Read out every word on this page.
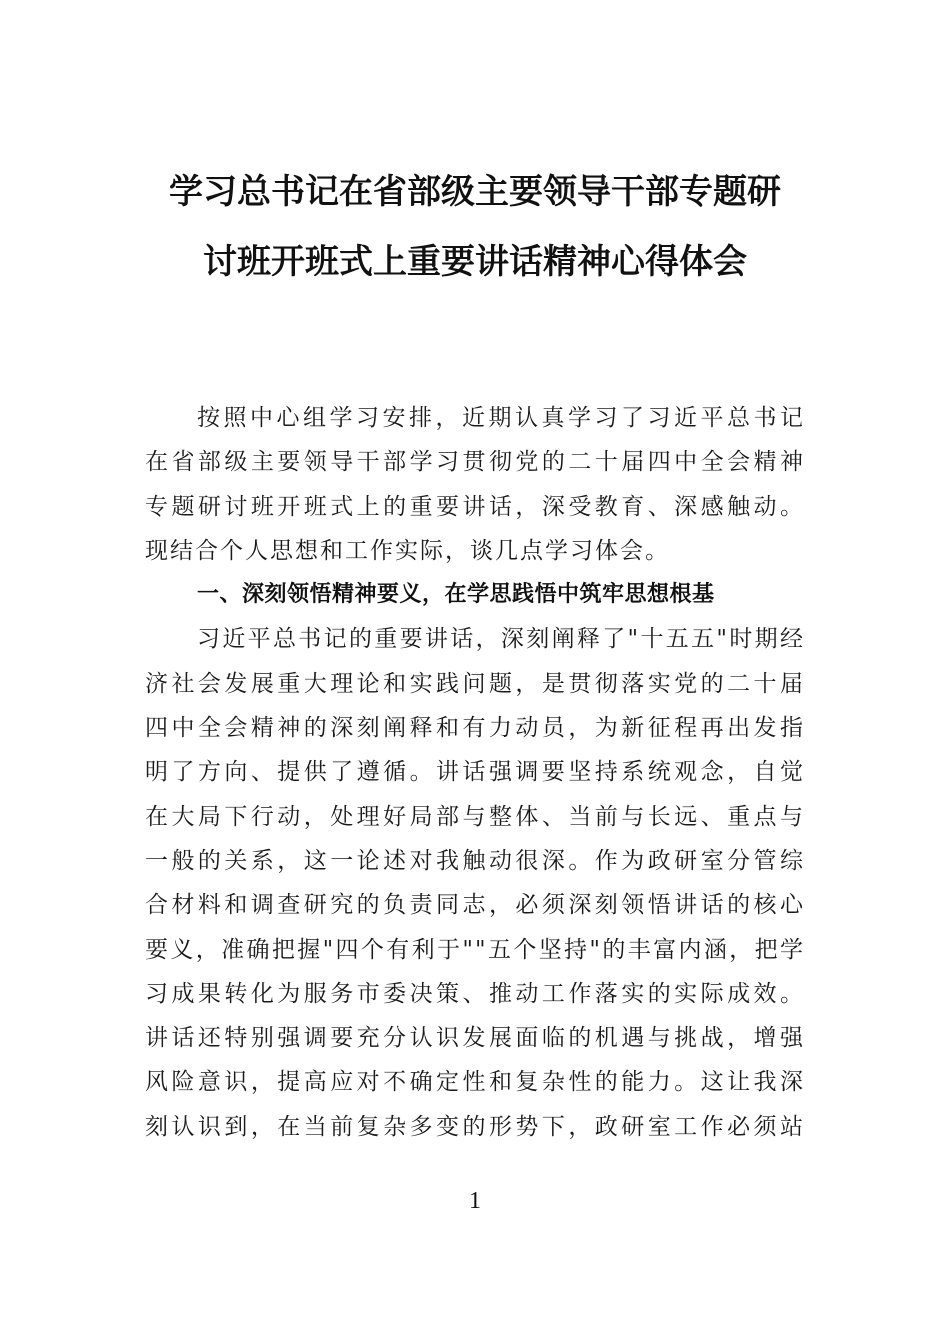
学习总书记在省部级主要领导干部专题研
讨班开班式上重要讲话精神心得体会
按照中心组学习安排，近期认真学习了习近平总书记
在省部级主要领导干部学习贯彻党的二十届四中全会精神
专题研讨班开班式上的重要讲话，深受教育、深感触动。
现结合个人思想和工作实际，谈几点学习体会。
一、深刻领悟精神要义，在学思践悟中筑牢思想根基
习近平总书记的重要讲话，深刻阐释了"十五五"时期经
济社会发展重大理论和实践问题，是贯彻落实党的二十届
四中全会精神的深刻阐释和有力动员，为新征程再出发指
明了方向、提供了遵循。讲话强调要坚持系统观念，自觉
在大局下行动，处理好局部与整体、当前与长远、重点与
一般的关系，这一论述对我触动很深。作为政研室分管综
合材料和调查研究的负责同志，必须深刻领悟讲话的核心
要义，准确把握"四个有利于""五个坚持"的丰富内涵，把学
习成果转化为服务市委决策、推动工作落实的实际成效。
讲话还特别强调要充分认识发展面临的机遇与挑战，增强
风险意识，提高应对不确定性和复杂性的能力。这让我深
刻认识到，在当前复杂多变的形势下，政研室工作必须站
1
